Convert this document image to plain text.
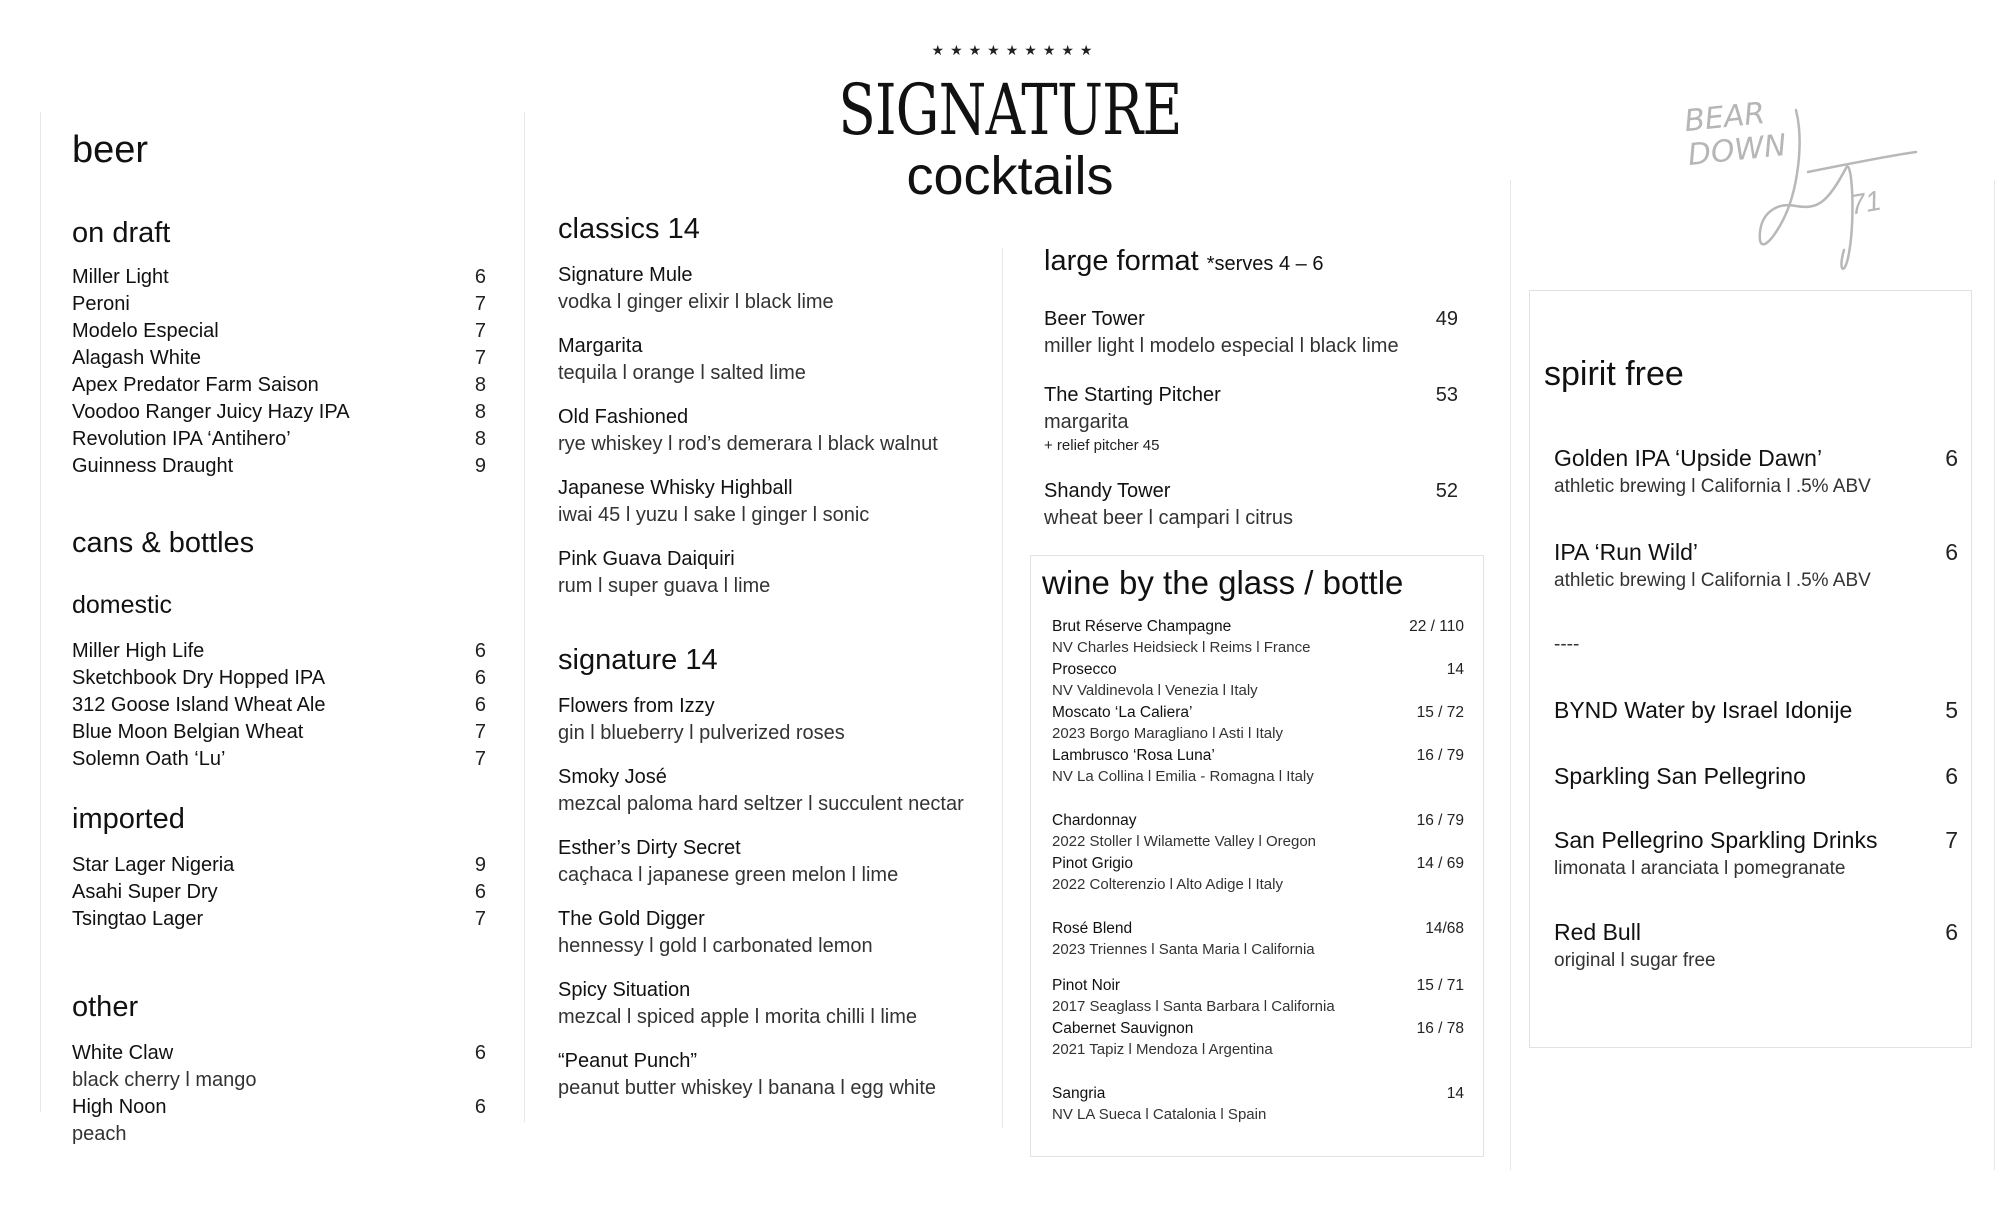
★★★★★★★★★
SIGNATURE
cocktails
BEAR DOWN
71
beer
on draft
Miller Light	6
Peroni	7
Modelo Especial	7
Alagash White	7
Apex Predator Farm Saison	8
Voodoo Ranger Juicy Hazy IPA	8
Revolution IPA ‘Antihero’	8
Guinness Draught	9
cans & bottles
domestic
Miller High Life	6
Sketchbook Dry Hopped IPA	6
312 Goose Island Wheat Ale	6
Blue Moon Belgian Wheat	7
Solemn Oath ‘Lu’	7
imported
Star Lager Nigeria	9
Asahi Super Dry	6
Tsingtao Lager	7
other
White Claw	6
black cherry l mango
High Noon	6
peach
classics 14
Signature Mule
vodka l ginger elixir l black lime
Margarita
tequila l orange l salted lime
Old Fashioned
rye whiskey l rod’s demerara l black walnut
Japanese Whisky Highball
iwai 45 l yuzu l sake l ginger l sonic
Pink Guava Daiquiri
rum l super guava l lime
signature 14
Flowers from Izzy
gin l blueberry l pulverized roses
Smoky José
mezcal paloma hard seltzer l succulent nectar
Esther’s Dirty Secret
caçhaca l japanese green melon l lime
The Gold Digger
hennessy l gold l carbonated lemon
Spicy Situation
mezcal l spiced apple l morita chilli l lime
“Peanut Punch”
peanut butter whiskey l banana l egg white
large format *serves 4 – 6
Beer Tower	49
miller light l modelo especial l black lime
The Starting Pitcher	53
margarita
+ relief pitcher 45
Shandy Tower	52
wheat beer l campari l citrus
wine by the glass / bottle
Brut Réserve Champagne	22 / 110
NV Charles Heidsieck l Reims l France
Prosecco	14
NV Valdinevola l Venezia l Italy
Moscato ‘La Caliera’	15 / 72
2023 Borgo Maragliano l Asti l Italy
Lambrusco ‘Rosa Luna’	16 / 79
NV La Collina l Emilia - Romagna l Italy
Chardonnay	16 / 79
2022 Stoller l Wilamette Valley l Oregon
Pinot Grigio	14 / 69
2022 Colterenzio l Alto Adige l Italy
Rosé Blend	14/68
2023 Triennes l Santa Maria l California
Pinot Noir	15 / 71
2017 Seaglass l Santa Barbara l California
Cabernet Sauvignon	16 / 78
2021 Tapiz l Mendoza l Argentina
Sangria	14
NV LA Sueca l Catalonia l Spain
spirit free
Golden IPA ‘Upside Dawn’	6
athletic brewing l California l .5% ABV
IPA ‘Run Wild’	6
athletic brewing l California l .5% ABV
----
BYND Water by Israel Idonije	5
Sparkling San Pellegrino	6
San Pellegrino Sparkling Drinks	7
limonata l aranciata l pomegranate
Red Bull	6
original l sugar free
